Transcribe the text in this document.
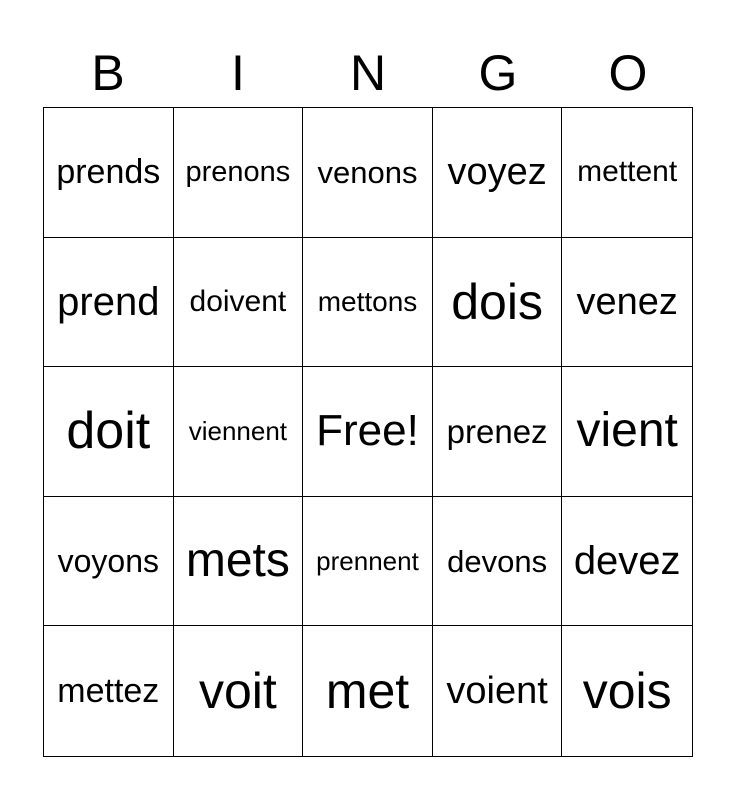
B	I	N	G	O
prends prenons venons voyez mettent
prend doivent mettons dois venez
doit viennent Free! prenez vient
voyons mets prennent devons devez
mettez voit met voient vois
